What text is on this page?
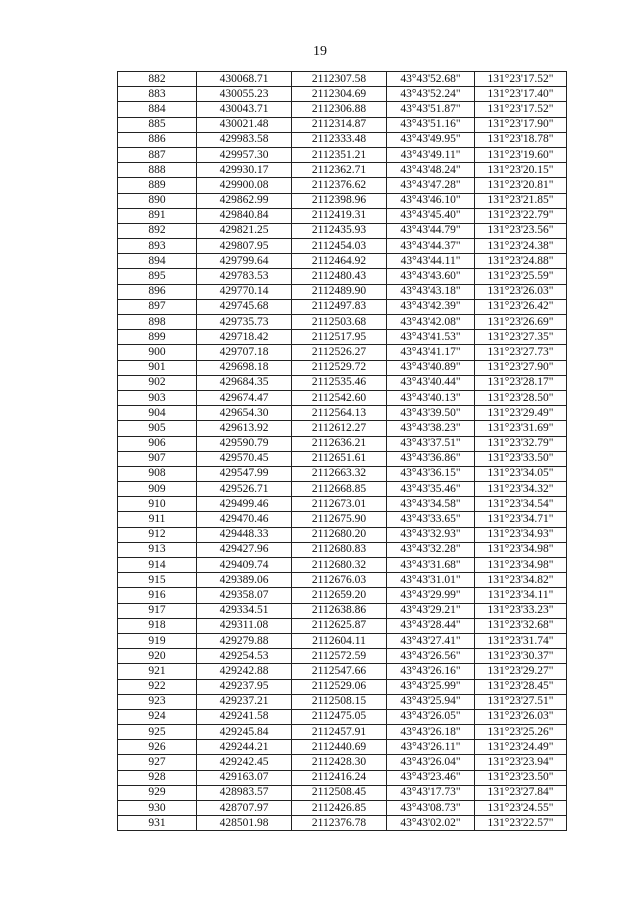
19
882	430068.71	2112307.58	43°43'52.68"	131°23'17.52"
883	430055.23	2112304.69	43°43'52.24"	131°23'17.40"
884	430043.71	2112306.88	43°43'51.87"	131°23'17.52"
885	430021.48	2112314.87	43°43'51.16"	131°23'17.90"
886	429983.58	2112333.48	43°43'49.95"	131°23'18.78"
887	429957.30	2112351.21	43°43'49.11"	131°23'19.60"
888	429930.17	2112362.71	43°43'48.24"	131°23'20.15"
889	429900.08	2112376.62	43°43'47.28"	131°23'20.81"
890	429862.99	2112398.96	43°43'46.10"	131°23'21.85"
891	429840.84	2112419.31	43°43'45.40"	131°23'22.79"
892	429821.25	2112435.93	43°43'44.79"	131°23'23.56"
893	429807.95	2112454.03	43°43'44.37"	131°23'24.38"
894	429799.64	2112464.92	43°43'44.11"	131°23'24.88"
895	429783.53	2112480.43	43°43'43.60"	131°23'25.59"
896	429770.14	2112489.90	43°43'43.18"	131°23'26.03"
897	429745.68	2112497.83	43°43'42.39"	131°23'26.42"
898	429735.73	2112503.68	43°43'42.08"	131°23'26.69"
899	429718.42	2112517.95	43°43'41.53"	131°23'27.35"
900	429707.18	2112526.27	43°43'41.17"	131°23'27.73"
901	429698.18	2112529.72	43°43'40.89"	131°23'27.90"
902	429684.35	2112535.46	43°43'40.44"	131°23'28.17"
903	429674.47	2112542.60	43°43'40.13"	131°23'28.50"
904	429654.30	2112564.13	43°43'39.50"	131°23'29.49"
905	429613.92	2112612.27	43°43'38.23"	131°23'31.69"
906	429590.79	2112636.21	43°43'37.51"	131°23'32.79"
907	429570.45	2112651.61	43°43'36.86"	131°23'33.50"
908	429547.99	2112663.32	43°43'36.15"	131°23'34.05"
909	429526.71	2112668.85	43°43'35.46"	131°23'34.32"
910	429499.46	2112673.01	43°43'34.58"	131°23'34.54"
911	429470.46	2112675.90	43°43'33.65"	131°23'34.71"
912	429448.33	2112680.20	43°43'32.93"	131°23'34.93"
913	429427.96	2112680.83	43°43'32.28"	131°23'34.98"
914	429409.74	2112680.32	43°43'31.68"	131°23'34.98"
915	429389.06	2112676.03	43°43'31.01"	131°23'34.82"
916	429358.07	2112659.20	43°43'29.99"	131°23'34.11"
917	429334.51	2112638.86	43°43'29.21"	131°23'33.23"
918	429311.08	2112625.87	43°43'28.44"	131°23'32.68"
919	429279.88	2112604.11	43°43'27.41"	131°23'31.74"
920	429254.53	2112572.59	43°43'26.56"	131°23'30.37"
921	429242.88	2112547.66	43°43'26.16"	131°23'29.27"
922	429237.95	2112529.06	43°43'25.99"	131°23'28.45"
923	429237.21	2112508.15	43°43'25.94"	131°23'27.51"
924	429241.58	2112475.05	43°43'26.05"	131°23'26.03"
925	429245.84	2112457.91	43°43'26.18"	131°23'25.26"
926	429244.21	2112440.69	43°43'26.11"	131°23'24.49"
927	429242.45	2112428.30	43°43'26.04"	131°23'23.94"
928	429163.07	2112416.24	43°43'23.46"	131°23'23.50"
929	428983.57	2112508.45	43°43'17.73"	131°23'27.84"
930	428707.97	2112426.85	43°43'08.73"	131°23'24.55"
931	428501.98	2112376.78	43°43'02.02"	131°23'22.57"
